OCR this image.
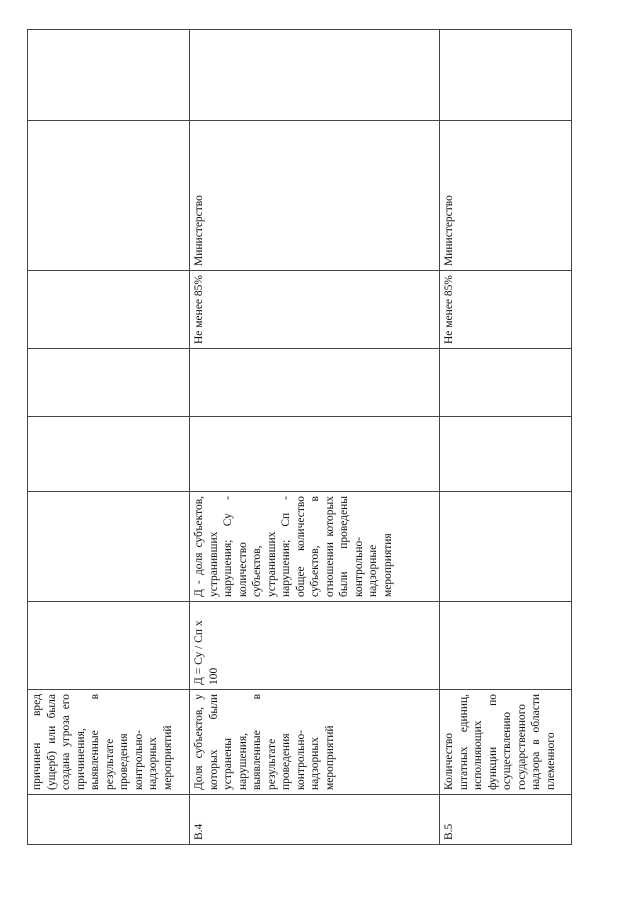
	причинен вред (ущерб) или была создана угроза его причинения, выявленные в результате проведения контрольно-надзорных мероприятий							
B.4	Доля субъектов, у которых были устранены нарушения, выявленные в результате проведения контрольно-надзорных мероприятий	Д = Су / Сп х 100	Д - доля субъектов, устранивших нарушения; Су - количество субъектов, устранивших нарушения; Сп - общее количество субъектов, в отношении которых были проведены контрольно-надзорные мероприятия			Не менее 85%	Министерство	
B.5	Количество штатных единиц, исполняющих функции по осуществлению государственного надзора в области племенного					Не менее 85%	Министерство	
